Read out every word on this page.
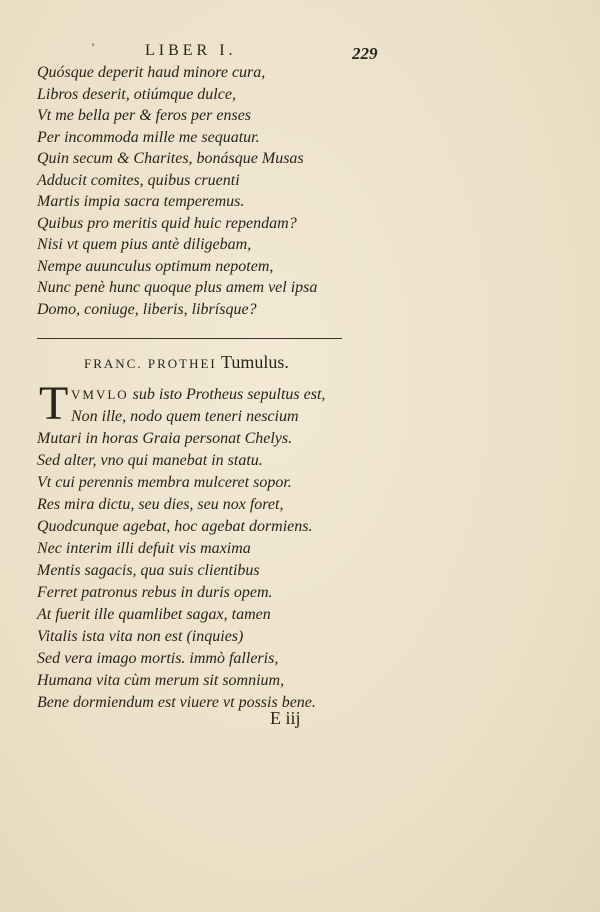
'	LIBER I.	229
Quósque deperit haud minore cura,
Libros deserit, otiúmque dulce,
Vt me bella per & feros per enses
Per incommoda mille me sequatur.
Quin secum & Charites, bonásque Musas
Adducit comites, quibus cruenti
Martis impia sacra temperemus.
Quibus pro meritis quid huic rependam?
Nisi vt quem pius antè diligebam,
Nempe auunculus optimum nepotem,
Nunc penè hunc quoque plus amem vel ipsa
Domo, coniuge, liberis, librísque?
FRANC. PROTHEI Tumulus.
T VMVLO sub isto Protheus sepultus est,
Non ille, nodo quem teneri nescium
Mutari in horas Graia personat Chelys.
Sed alter, vno qui manebat in statu.
Vt cui perennis membra mulceret sopor.
Res mira dictu, seu dies, seu nox foret,
Quodcunque agebat, hoc agebat dormiens.
Nec interim illi defuit vis maxima
Mentis sagacis, qua suis clientibus
Ferret patronus rebus in duris opem.
At fuerit ille quamlibet sagax, tamen
Vitalis ista vita non est (inquies)
Sed vera imago mortis. immò falleris,
Humana vita cùm merum sit somnium,
Bene dormiendum est viuere vt possis bene.
E iij
